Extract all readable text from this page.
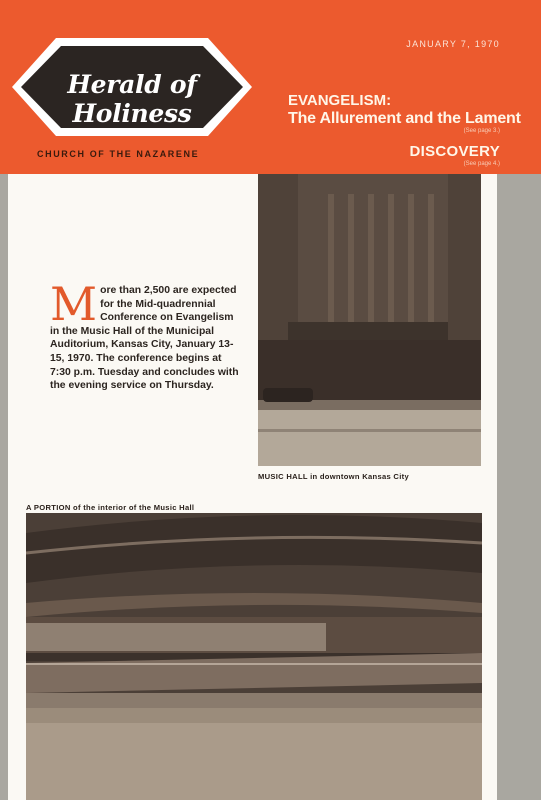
Herald of Holiness
CHURCH OF THE NAZARENE
JANUARY 7, 1970
EVANGELISM:
The Allurement and the Lament
(See page 3.)
DISCOVERY
(See page 4.)
More than 2,500 are expected for the Mid-quadrennial Conference on Evangelism in the Music Hall of the Municipal Auditorium, Kansas City, January 13-15, 1970. The conference begins at 7:30 p.m. Tuesday and concludes with the evening service on Thursday.
MUSIC HALL in downtown Kansas City
A PORTION of the interior of the Music Hall
